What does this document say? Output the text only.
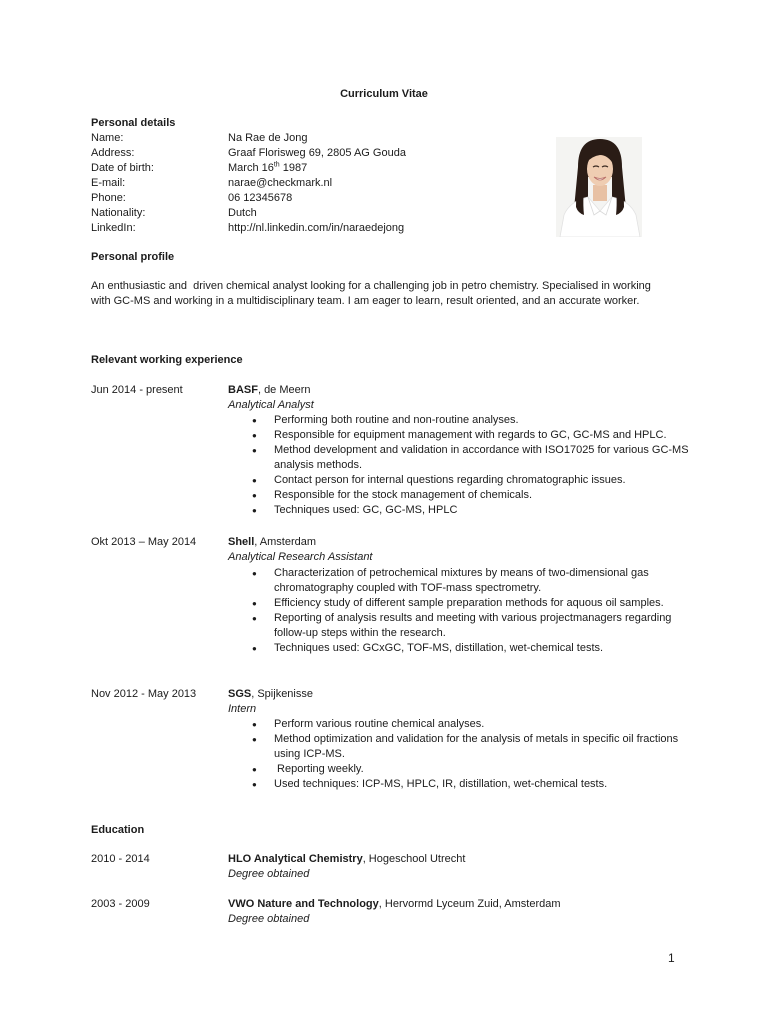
Curriculum Vitae
Personal details
Name:	Na Rae de Jong
Address:	Graaf Florisweg 69, 2805 AG Gouda
Date of birth:	March 16th 1987
E-mail:	narae@checkmark.nl
Phone:	06 12345678
Nationality:	Dutch
LinkedIn:	http://nl.linkedin.com/in/naraedejong
Personal profile
An enthusiastic and  driven chemical analyst looking for a challenging job in petro chemistry. Specialised in working with GC-MS and working in a multidisciplinary team. I am eager to learn, result oriented, and an accurate worker.
Relevant working experience
Jun 2014 - present	BASF, de Meern
Analytical Analyst
● Performing both routine and non-routine analyses.
● Responsible for equipment management with regards to GC, GC-MS and HPLC.
● Method development and validation in accordance with ISO17025 for various GC-MS analysis methods.
● Contact person for internal questions regarding chromatographic issues.
● Responsible for the stock management of chemicals.
● Techniques used: GC, GC-MS, HPLC
Okt 2013 – May 2014	Shell, Amsterdam
Analytical Research Assistant
● Characterization of petrochemical mixtures by means of two-dimensional gas chromatography coupled with TOF-mass spectrometry.
● Efficiency study of different sample preparation methods for aquous oil samples.
● Reporting of analysis results and meeting with various projectmanagers regarding follow-up steps within the research.
● Techniques used: GCxGC, TOF-MS, distillation, wet-chemical tests.
Nov 2012 - May 2013	SGS, Spijkenisse
Intern
● Perform various routine chemical analyses.
● Method optimization and validation for the analysis of metals in specific oil fractions using ICP-MS.
●  Reporting weekly.
● Used techniques: ICP-MS, HPLC, IR, distillation, wet-chemical tests.
Education
2010 - 2014	HLO Analytical Chemistry, Hogeschool Utrecht
Degree obtained
2003 - 2009	VWO Nature and Technology, Hervormd Lyceum Zuid, Amsterdam
Degree obtained
1
